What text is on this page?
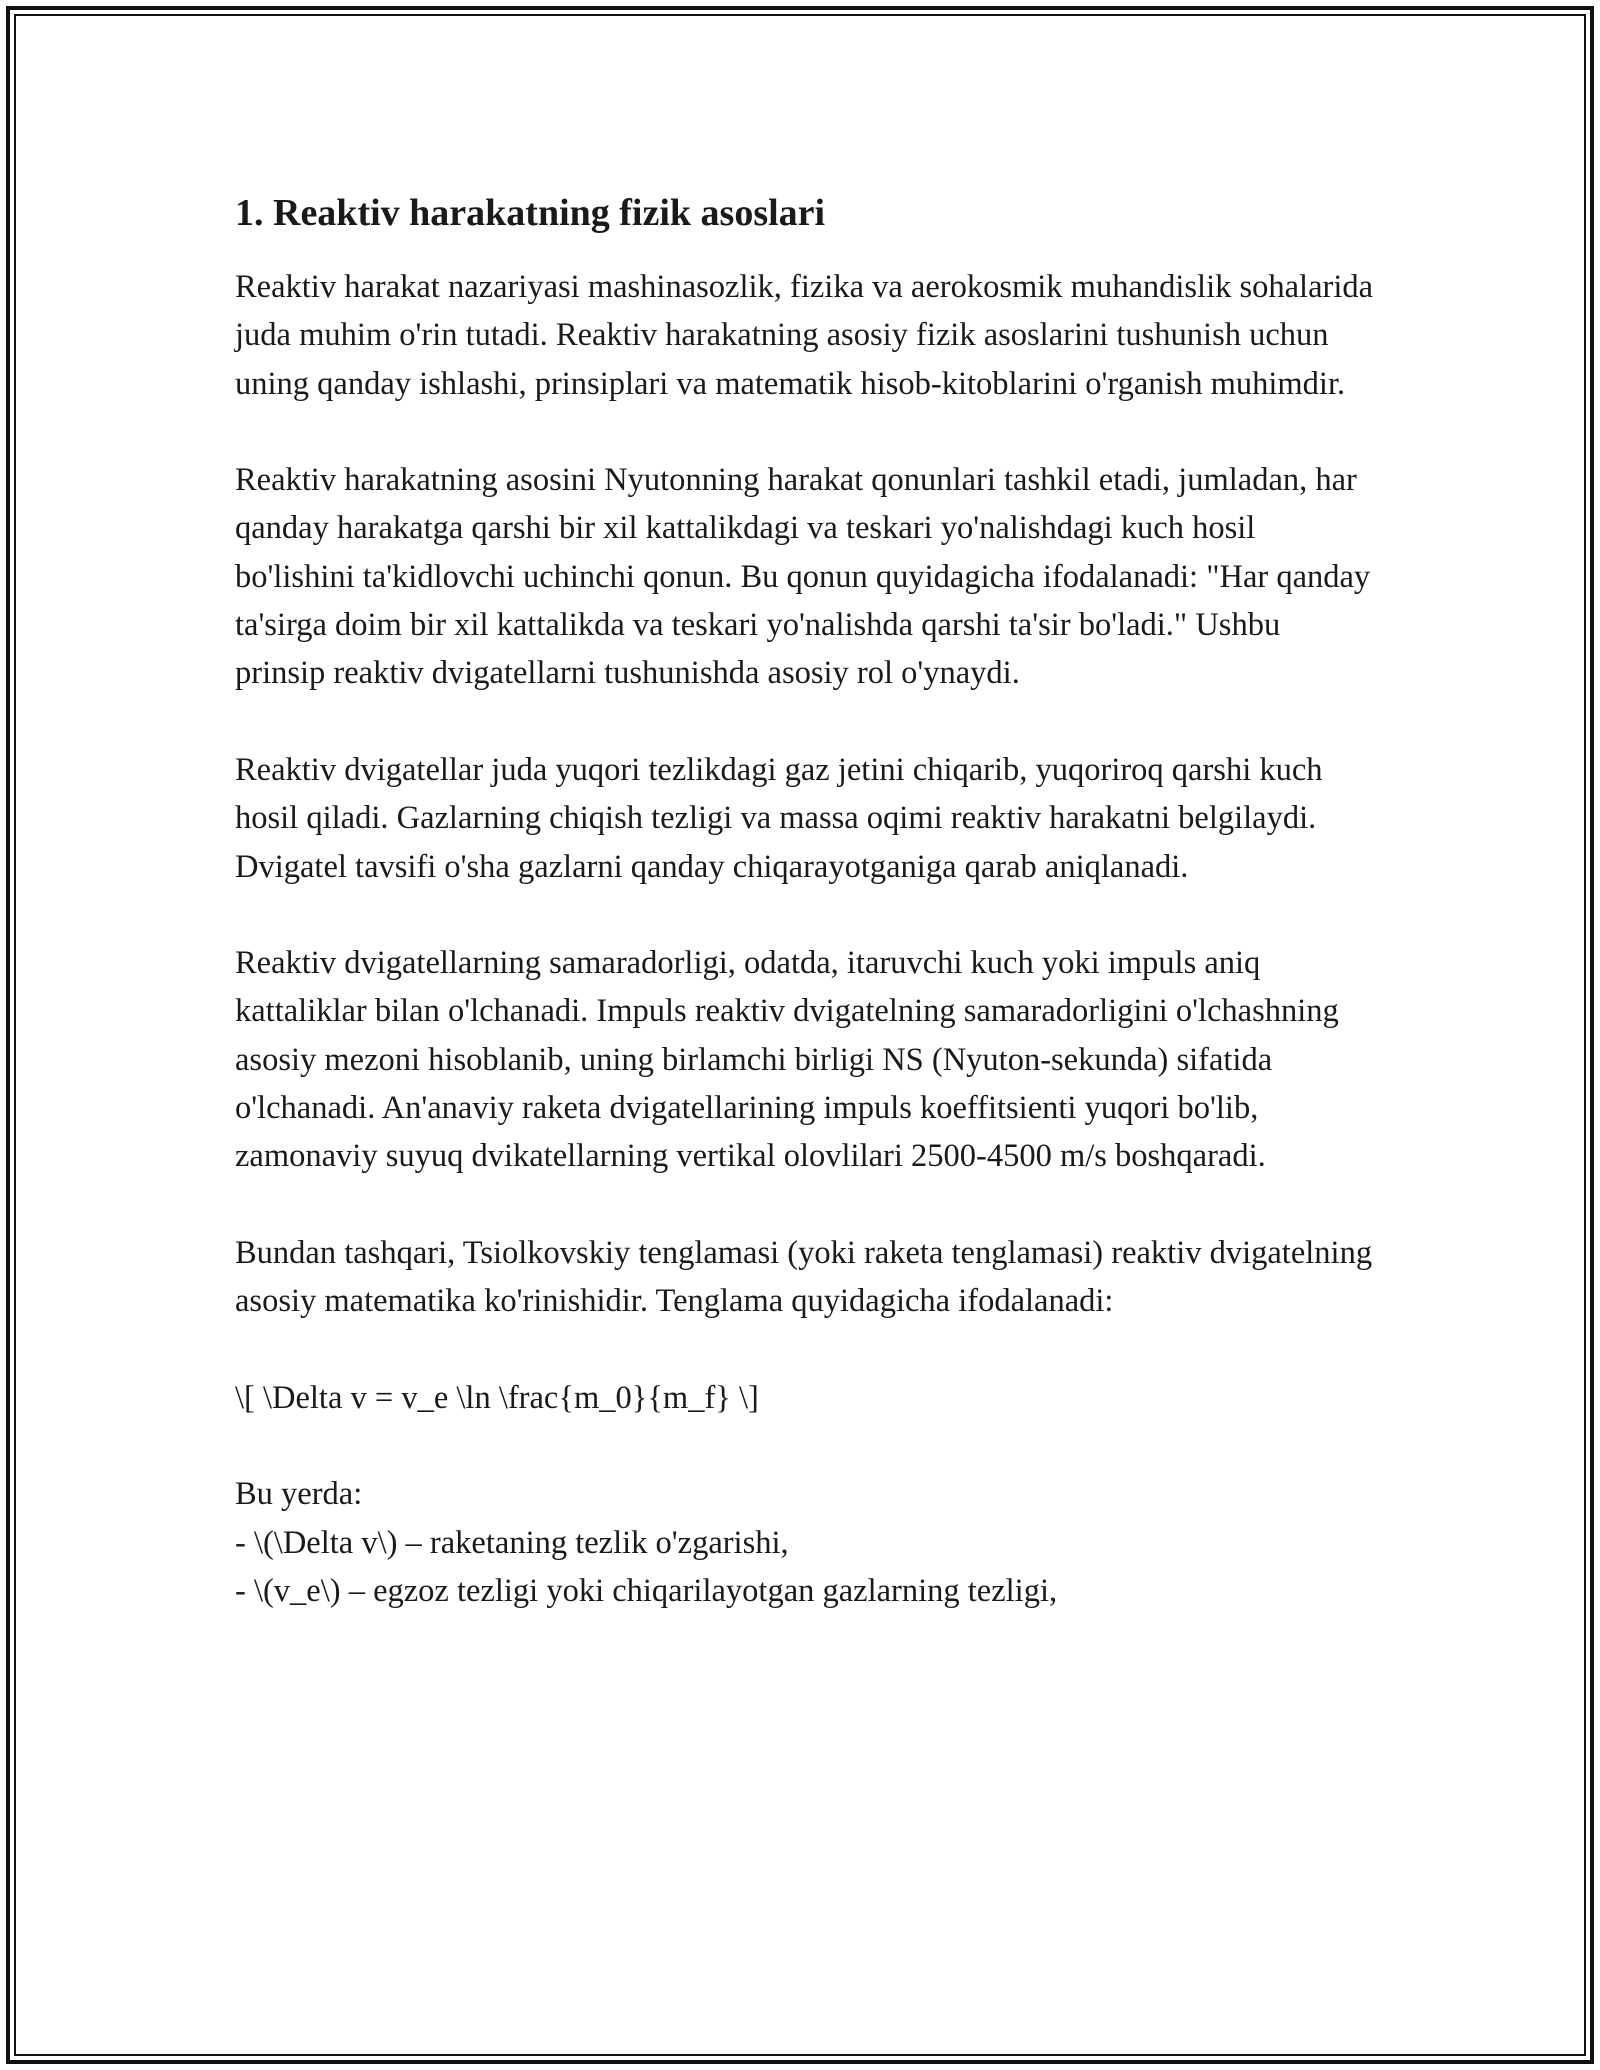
1. Reaktiv harakatning fizik asoslari

Reaktiv harakat nazariyasi mashinasozlik, fizika va aerokosmik muhandislik sohalarida juda muhim o'rin tutadi. Reaktiv harakatning asosiy fizik asoslarini tushunish uchun uning qanday ishlashi, prinsiplari va matematik hisob-kitoblarini o'rganish muhimdir.

Reaktiv harakatning asosini Nyutonning harakat qonunlari tashkil etadi, jumladan, har qanday harakatga qarshi bir xil kattalikdagi va teskari yo'nalishdagi kuch hosil bo'lishini ta'kidlovchi uchinchi qonun. Bu qonun quyidagicha ifodalanadi: "Har qanday ta'sirga doim bir xil kattalikda va teskari yo'nalishda qarshi ta'sir bo'ladi." Ushbu prinsip reaktiv dvigatellarni tushunishda asosiy rol o'ynaydi.

Reaktiv dvigatellar juda yuqori tezlikdagi gaz jetini chiqarib, yuqoriroq qarshi kuch hosil qiladi. Gazlarning chiqish tezligi va massa oqimi reaktiv harakatni belgilaydi. Dvigatel tavsifi o'sha gazlarni qanday chiqarayotganiga qarab aniqlanadi.

Reaktiv dvigatellarning samaradorligi, odatda, itaruvchi kuch yoki impuls aniq kattaliklar bilan o'lchanadi. Impuls reaktiv dvigatelning samaradorligini o'lchashning asosiy mezoni hisoblanib, uning birlamchi birligi NS (Nyuton-sekunda) sifatida o'lchanadi. An'anaviy raketa dvigatellarining impuls koeffitsienti yuqori bo'lib, zamonaviy suyuq dvikatellarning vertikal olovlilari 2500-4500 m/s boshqaradi.

Bundan tashqari, Tsiolkovskiy tenglamasi (yoki raketa tenglamasi) reaktiv dvigatelning asosiy matematika ko'rinishidir. Tenglama quyidagicha ifodalanadi:

\[ \Delta v = v_e \ln \frac{m_0}{m_f} \]

Bu yerda:

- \(\Delta v\) – raketaning tezlik o'zgarishi,

- \(v_e\) – egzoz tezligi yoki chiqarilayotgan gazlarning tezligi,
